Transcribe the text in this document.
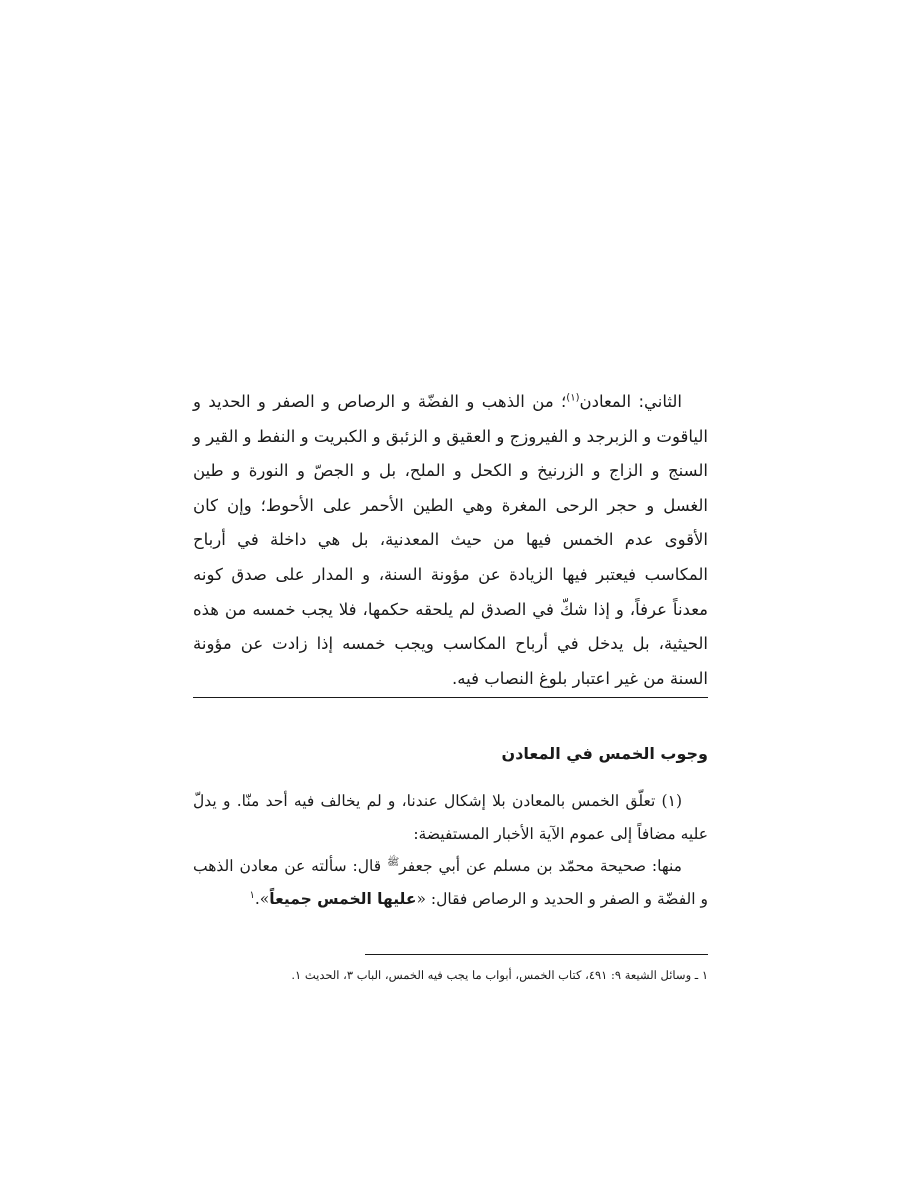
الثاني: المعادن$^{(١)}$؛ من الذهب و الفضّة و الرصاص و الصفر و الحديد و الياقوت و الزبرجد و الفيروزج و العقيق و الزئبق و الكبريت و النفط و القير و السنج و الزاج و الزرنيخ و الكحل و الملح، بل و الجصّ و النورة و طين الغسل و حجر الرحى المغرة وهي الطين الأحمر على الأحوط؛ وإن كان الأقوى عدم الخمس فيها من حيث المعدنية، بل هي داخلة في أرباح المكاسب فيعتبر فيها الزيادة عن مؤونة السنة، و المدار على صدق كونه معدناً عرفاً، و إذا شكّ في الصدق لم يلحقه حكمها، فلا يجب خمسه من هذه الحيثية، بل يدخل في أرباح المكاسب ويجب خمسه إذا زادت عن مؤونة السنة من غير اعتبار بلوغ النصاب فيه.

وجوب الخمس في المعادن

(١) تعلّق الخمس بالمعادن بلا إشكال عندنا، و لم يخالف فيه أحد منّا. و يدلّ عليه مضافاً إلى عموم الآية الأخبار المستفيضة:

منها: صحيحة محمّد بن مسلم عن أبي جعفر$^ﷺ$ قال: سألته عن معادن الذهب و الفضّة و الصفر و الحديد و الرصاص فقال: «عليها الخمس جميعاً».$^١$

١ ـ وسائل الشيعة ٩: ٤٩١، كتاب الخمس، أبواب ما يجب فيه الخمس، الباب ٣، الحديث ١.
